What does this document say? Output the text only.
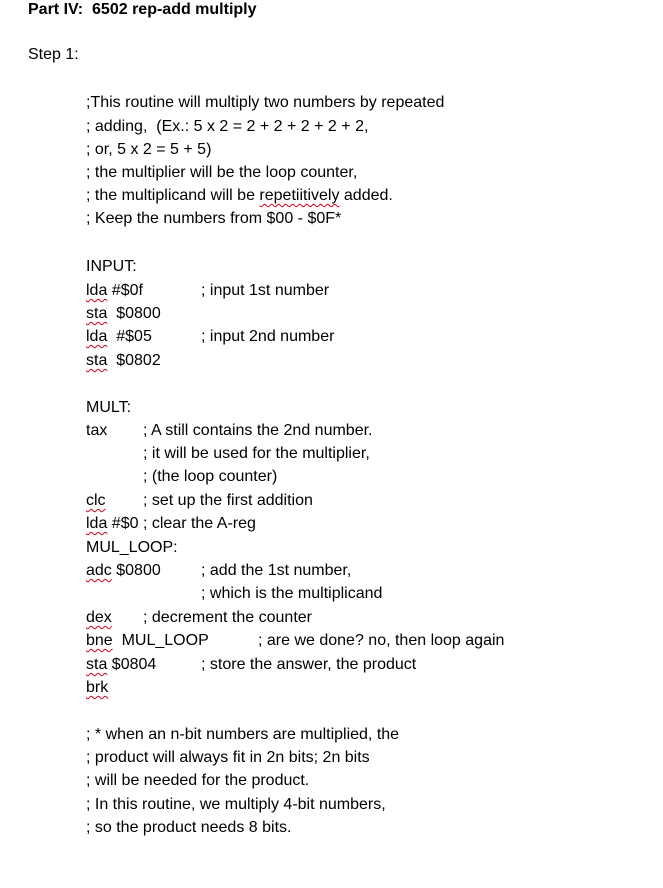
Part IV:  6502 rep-add multiply
Step 1:
;This routine will multiply two numbers by repeated
; adding,  (Ex.: 5 x 2 = 2 + 2 + 2 + 2 + 2,
; or, 5 x 2 = 5 + 5)
; the multiplier will be the loop counter,
; the multiplicand will be repetiitively added.
; Keep the numbers from $00 - $0F*
INPUT:
lda #$0f	; input 1st number
sta  $0800
lda  #$05	; input 2nd number
sta  $0802
MULT:
tax ; A still contains the 2nd number.
; it will be used for the multiplier,
; (the loop counter)
clc ; set up the first addition
lda #$0 ; clear the A-reg
MUL_LOOP:
adc $0800	; add the 1st number,
; which is the multiplicand
dex ; decrement the counter
bne  MUL_LOOP	; are we done? no, then loop again
sta $0804	; store the answer, the product
brk
; * when an n-bit numbers are multiplied, the
; product will always fit in 2n bits; 2n bits
; will be needed for the product.
; In this routine, we multiply 4-bit numbers,
; so the product needs 8 bits.
